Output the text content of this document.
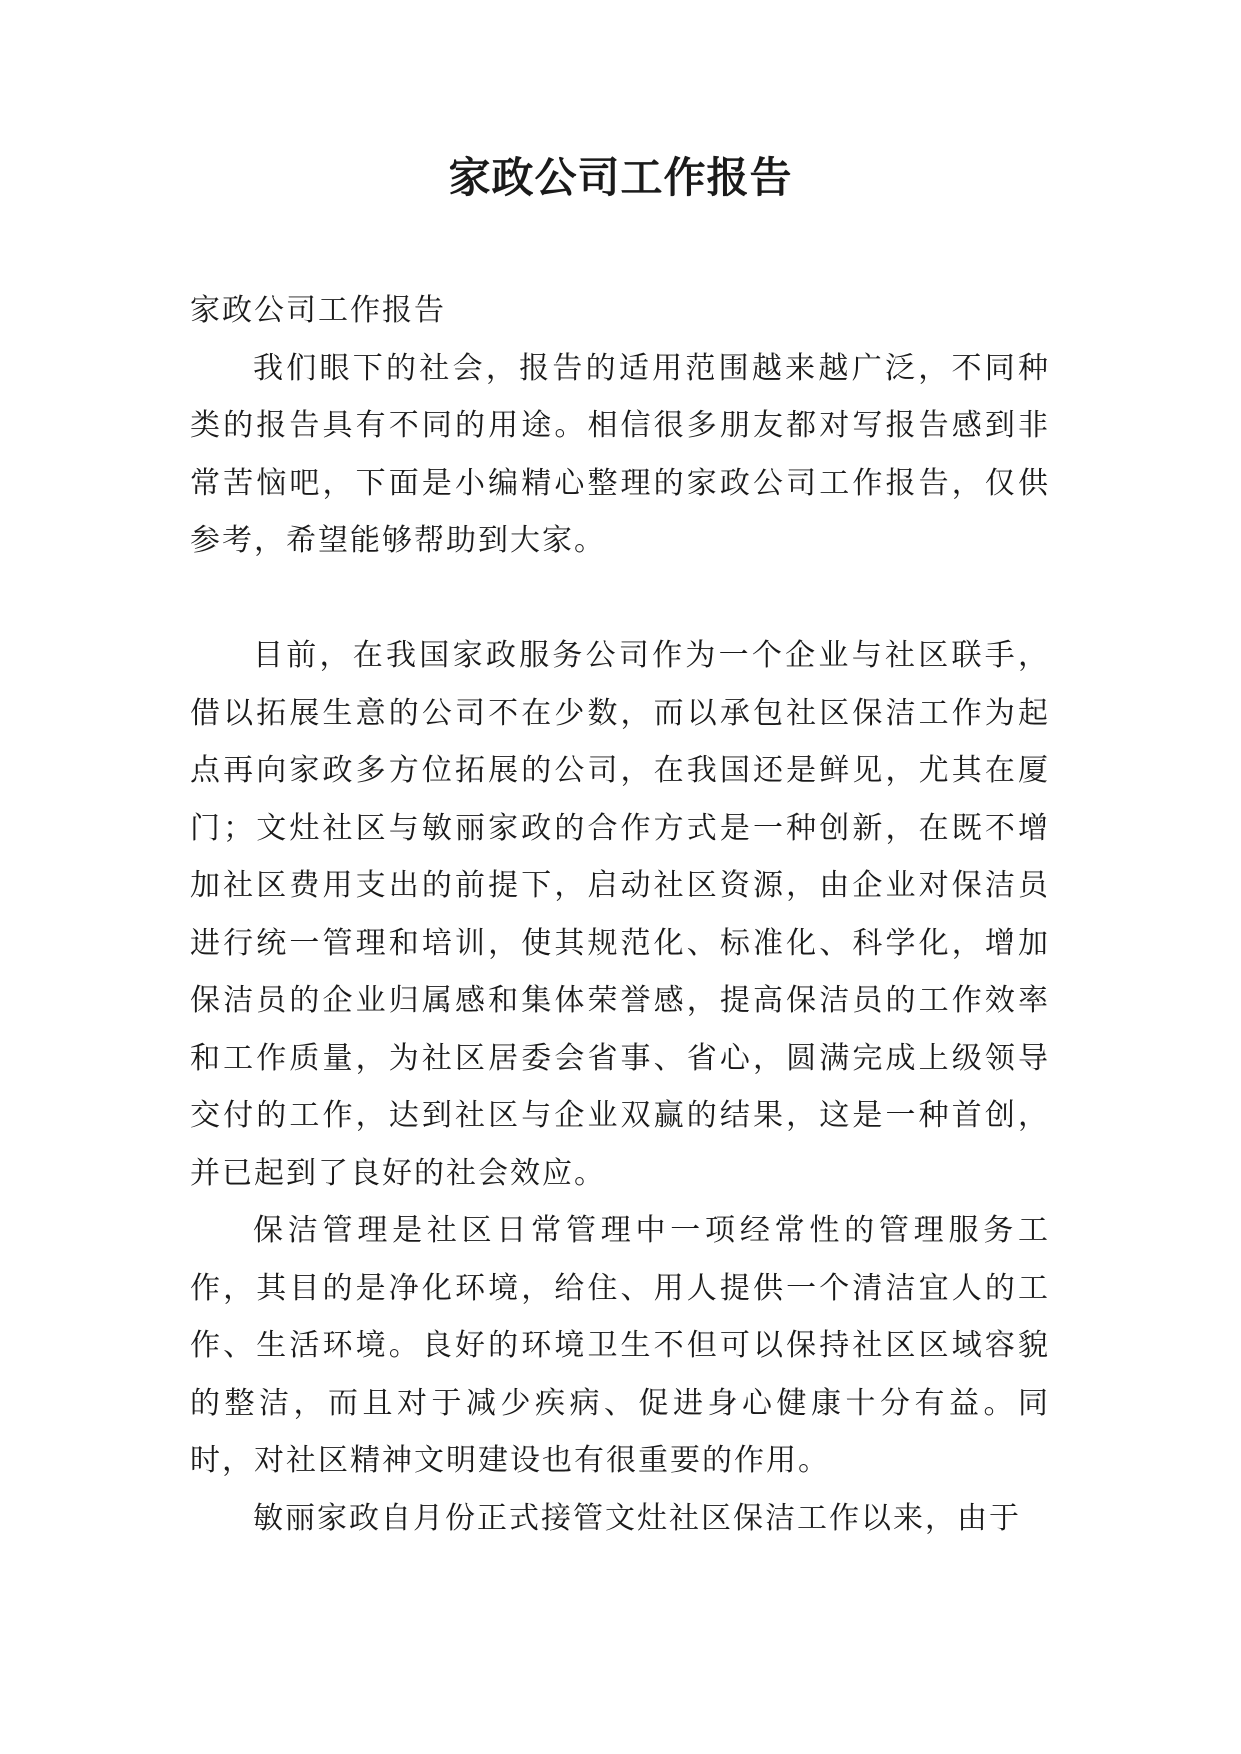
家政公司工作报告

家政公司工作报告

我们眼下的社会，报告的适用范围越来越广泛，不同种类的报告具有不同的用途。相信很多朋友都对写报告感到非常苦恼吧，下面是小编精心整理的家政公司工作报告，仅供参考，希望能够帮助到大家。

目前，在我国家政服务公司作为一个企业与社区联手，借以拓展生意的公司不在少数，而以承包社区保洁工作为起点再向家政多方位拓展的公司，在我国还是鲜见，尤其在厦门；文灶社区与敏丽家政的合作方式是一种创新，在既不增加社区费用支出的前提下，启动社区资源，由企业对保洁员进行统一管理和培训，使其规范化、标准化、科学化，增加保洁员的企业归属感和集体荣誉感，提高保洁员的工作效率和工作质量，为社区居委会省事、省心，圆满完成上级领导交付的工作，达到社区与企业双赢的结果，这是一种首创，并已起到了良好的社会效应。

保洁管理是社区日常管理中一项经常性的管理服务工作，其目的是净化环境，给住、用人提供一个清洁宜人的工作、生活环境。良好的环境卫生不但可以保持社区区域容貌的整洁，而且对于减少疾病、促进身心健康十分有益。同时，对社区精神文明建设也有很重要的作用。

敏丽家政自月份正式接管文灶社区保洁工作以来，由于
